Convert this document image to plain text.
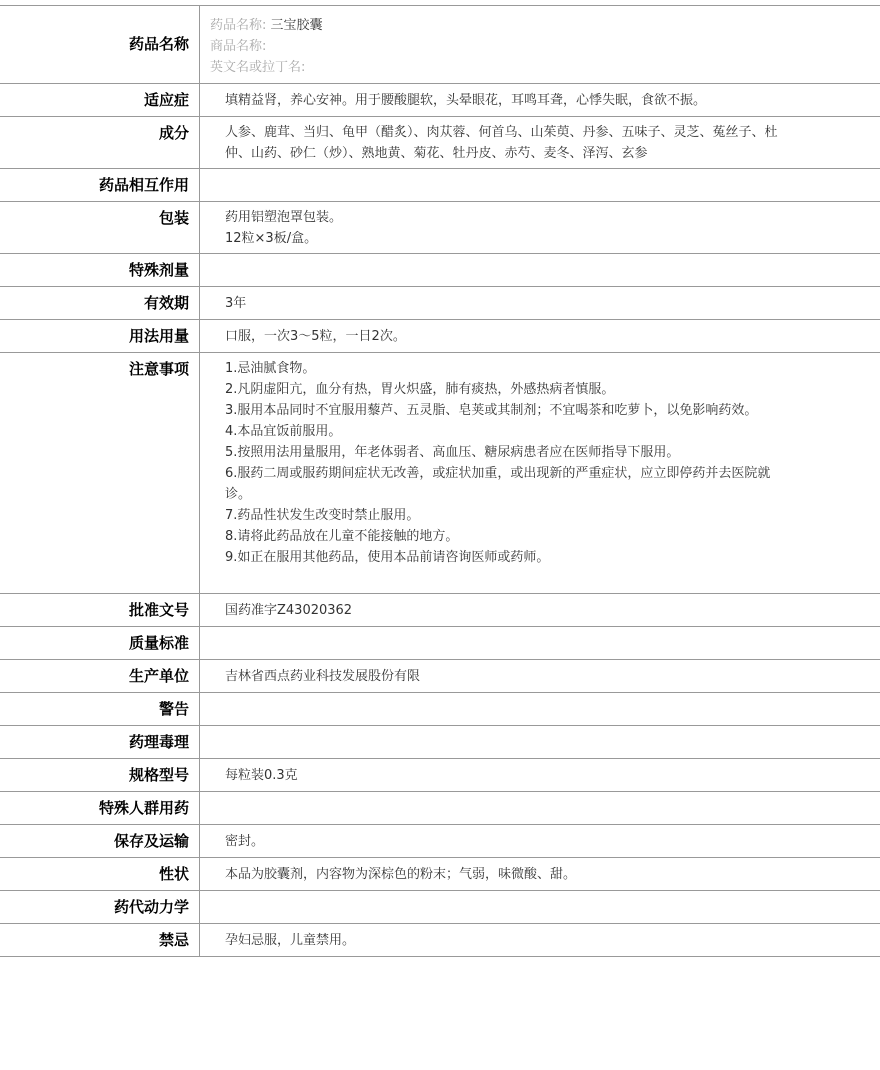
药品名称
药品名称: 三宝胶囊
商品名称:
英文名或拉丁名:
适应症	填精益肾，养心安神。用于腰酸腿软，头晕眼花，耳鸣耳聋，心悸失眠，食欲不振。
成分	人参、鹿茸、当归、龟甲（醋炙）、肉苁蓉、何首乌、山茱萸、丹参、五味子、灵芝、菟丝子、杜仲、山药、砂仁（炒）、熟地黄、菊花、牡丹皮、赤芍、麦冬、泽泻、玄参
药品相互作用
包装	药用铝塑泡罩包装。
12粒×3板/盒。
特殊剂量
有效期	3年
用法用量	口服，一次3～5粒，一日2次。
注意事项	1.忌油腻食物。
2.凡阴虚阳亢，血分有热，胃火炽盛，肺有痰热，外感热病者慎服。
3.服用本品同时不宜服用藜芦、五灵脂、皂荚或其制剂；不宜喝茶和吃萝卜，以免影响药效。
4.本品宜饭前服用。
5.按照用法用量服用，年老体弱者、高血压、糖尿病患者应在医师指导下服用。
6.服药二周或服药期间症状无改善，或症状加重，或出现新的严重症状，应立即停药并去医院就诊。
7.药品性状发生改变时禁止服用。
8.请将此药品放在儿童不能接触的地方。
9.如正在服用其他药品，使用本品前请咨询医师或药师。
批准文号	国药准字Z43020362
质量标准
生产单位	吉林省西点药业科技发展股份有限
警告
药理毒理
规格型号	每粒装0.3克
特殊人群用药
保存及运输	密封。
性状	本品为胶囊剂，内容物为深棕色的粉末；气弱，味微酸、甜。
药代动力学
禁忌	孕妇忌服，儿童禁用。
